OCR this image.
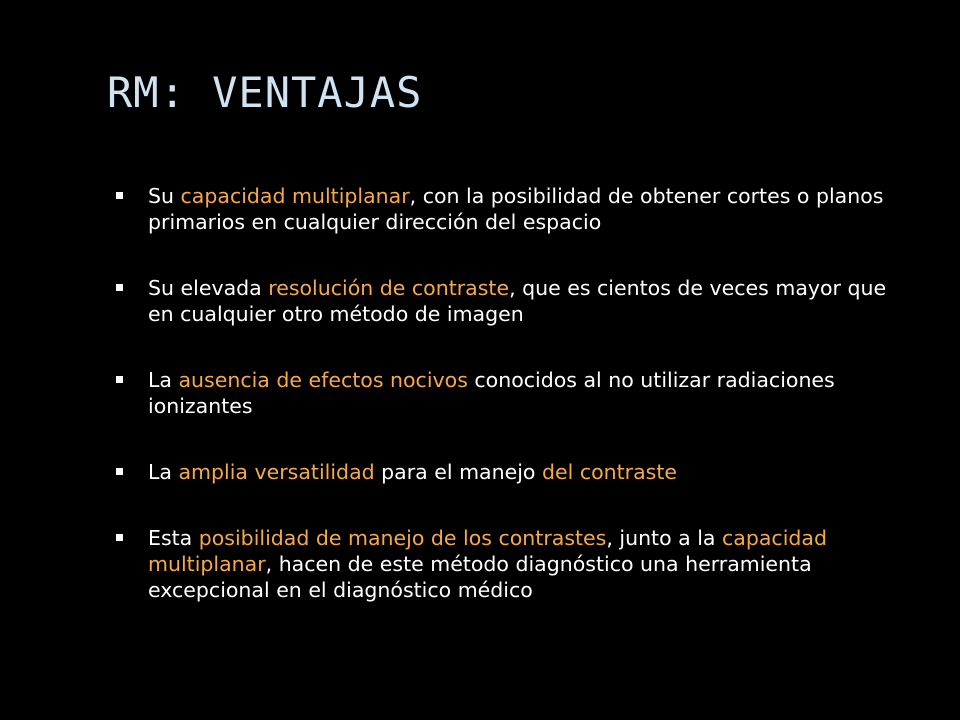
RM: VENTAJAS
Su capacidad multiplanar, con la posibilidad de obtener cortes o planos primarios en cualquier dirección del espacio
Su elevada resolución de contraste, que es cientos de veces mayor que en cualquier otro método de imagen
La ausencia de efectos nocivos conocidos al no utilizar radiaciones ionizantes
La amplia versatilidad para el manejo del contraste
Esta posibilidad de manejo de los contrastes, junto a la capacidad multiplanar, hacen de este método diagnóstico una herramienta excepcional en el diagnóstico médico
